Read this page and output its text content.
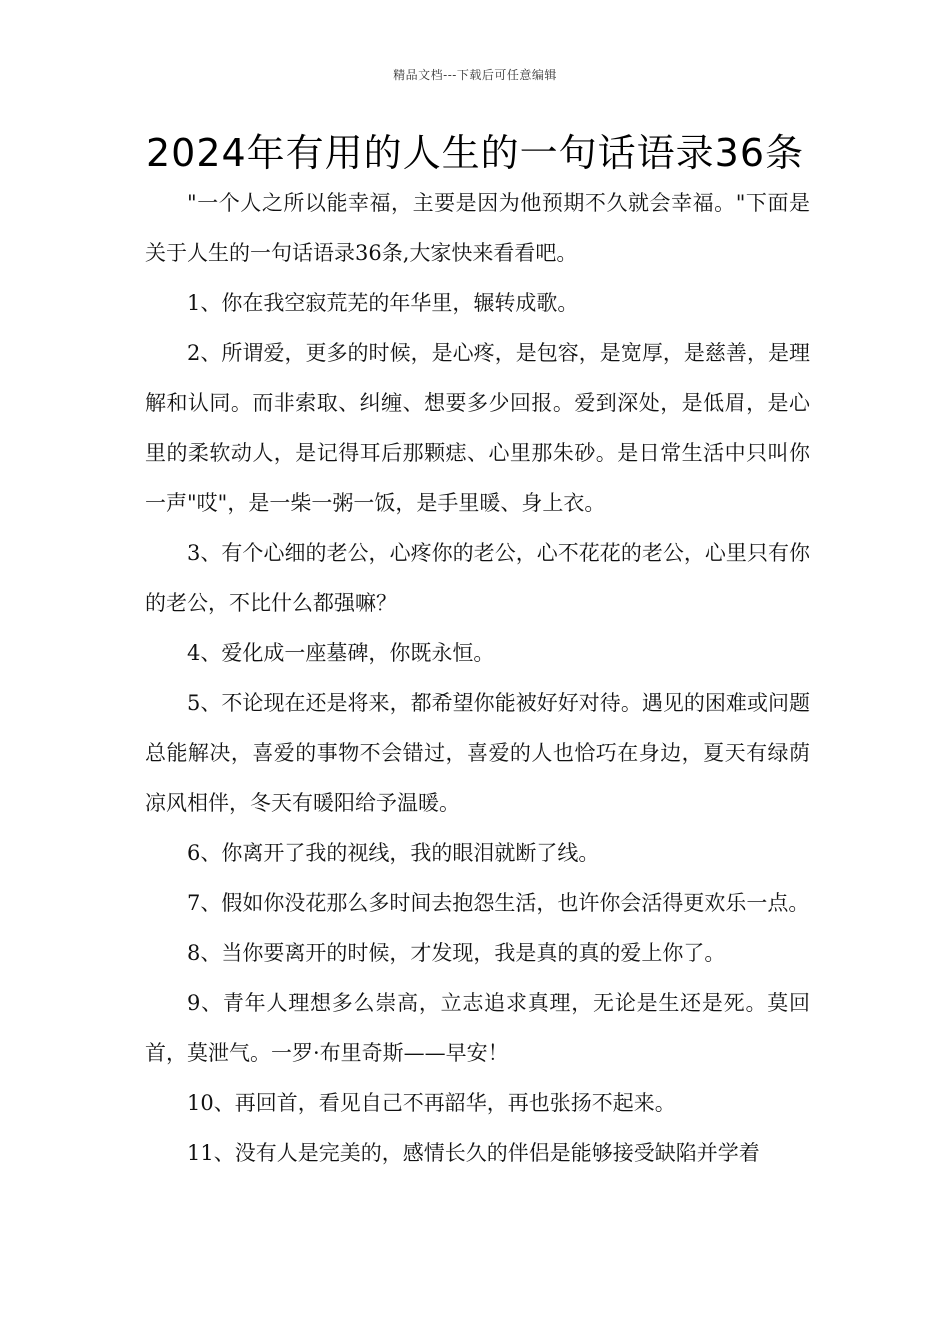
精品文档---下载后可任意编辑
2024年有用的人生的一句话语录36条

"一个人之所以能幸福，主要是因为他预期不久就会幸福。"下面是关于人生的一句话语录36条,大家快来看看吧。

1、你在我空寂荒芜的年华里，辗转成歌。

2、所谓爱，更多的时候，是心疼，是包容，是宽厚，是慈善，是理解和认同。而非索取、纠缠、想要多少回报。爱到深处，是低眉，是心里的柔软动人，是记得耳后那颗痣、心里那朱砂。是日常生活中只叫你一声"哎"，是一柴一粥一饭，是手里暖、身上衣。

3、有个心细的老公，心疼你的老公，心不花花的老公，心里只有你的老公，不比什么都强嘛？

4、爱化成一座墓碑，你既永恒。

5、不论现在还是将来，都希望你能被好好对待。遇见的困难或问题总能解决，喜爱的事物不会错过，喜爱的人也恰巧在身边，夏天有绿荫凉风相伴，冬天有暖阳给予温暖。

6、你离开了我的视线，我的眼泪就断了线。

7、假如你没花那么多时间去抱怨生活，也许你会活得更欢乐一点。

8、当你要离开的时候，才发现，我是真的真的爱上你了。

9、青年人理想多么崇高，立志追求真理，无论是生还是死。莫回首，莫泄气。一罗·布里奇斯——早安！

10、再回首，看见自己不再韶华，再也张扬不起来。

11、没有人是完美的，感情长久的伴侣是能够接受缺陷并学着
